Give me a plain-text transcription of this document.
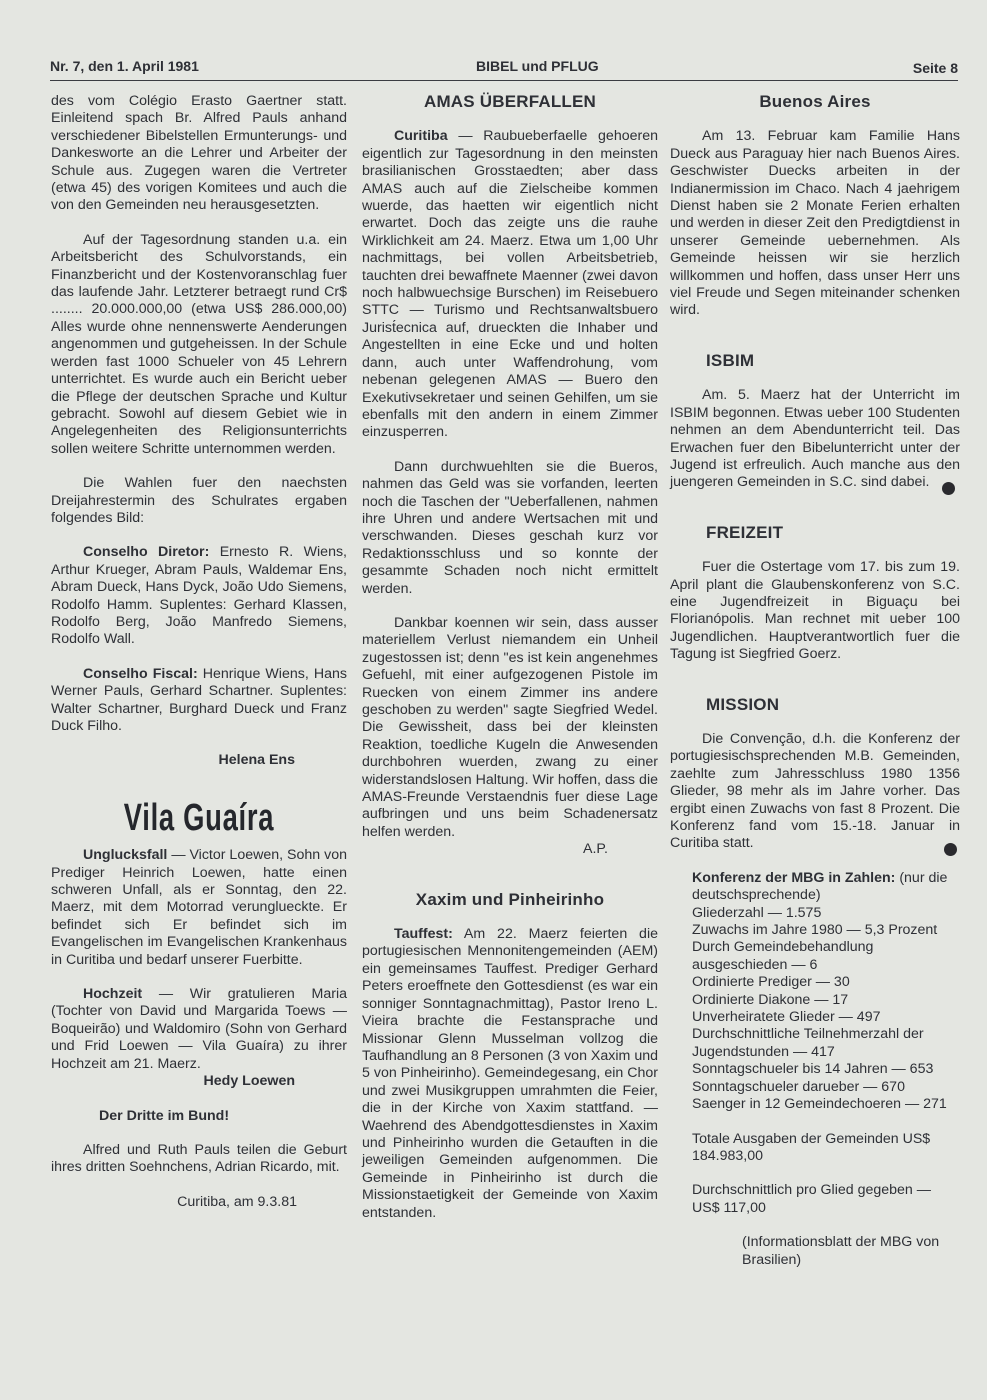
Nr. 7, den 1. April 1981	BIBEL und PFLUG	Seite 8

des vom Colégio Erasto Gaertner statt. Einleitend spach Br. Alfred Pauls anhand verschiedener Bibelstellen Ermunterungs- und Dankesworte an die Lehrer und Arbeiter der Schule aus. Zugegen waren die Vertreter (etwa 45) des vorigen Komitees und auch die von den Gemeinden neu herausgesetzten.

Auf der Tagesordnung standen u.a. ein Arbeitsbericht des Schulvorstands, ein Finanzbericht und der Kostenvoranschlag fuer das laufende Jahr. Letzterer betraegt rund Cr$ ........ 20.000.000,00 (etwa US$ 286.000,00) Alles wurde ohne nennenswerte Aenderungen angenommen und gutgeheissen. In der Schule werden fast 1000 Schueler von 45 Lehrern unterrichtet. Es wurde auch ein Bericht ueber die Pflege der deutschen Sprache und Kultur gebracht. Sowohl auf diesem Gebiet wie in Angelegenheiten des Religionsunterrichts sollen weitere Schritte unternommen werden.

Die Wahlen fuer den naechsten Dreijahrestermin des Schulrates ergaben folgendes Bild:

Conselho Diretor: Ernesto R. Wiens, Arthur Krueger, Abram Pauls, Waldemar Ens, Abram Dueck, Hans Dyck, João Udo Siemens, Rodolfo Hamm. Suplentes: Gerhard Klassen, Rodolfo Berg, João Manfredo Siemens, Rodolfo Wall.

Conselho Fiscal: Henrique Wiens, Hans Werner Pauls, Gerhard Schartner. Suplentes: Walter Schartner, Burghard Dueck und Franz Duck Filho.

Helena Ens

Vila Guaíra

Unglucksfall — Victor Loewen, Sohn von Prediger Heinrich Loewen, hatte einen schweren Unfall, als er Sonntag, den 22. Maerz, mit dem Motorrad verunglueckte. Er befindet sich Er befindet sich im Evangelischen im Evangelischen Krankenhaus in Curitiba und bedarf unserer Fuerbitte.

Hochzeit — Wir gratulieren Maria (Tochter von David und Margarida Toews — Boqueirão) und Waldomiro (Sohn von Gerhard und Frid Loewen — Vila Guaíra) zu ihrer Hochzeit am 21. Maerz.

Hedy Loewen

Der Dritte im Bund!

Alfred und Ruth Pauls teilen die Geburt ihres dritten Soehnchens, Adrian Ricardo, mit.

Curitiba, am 9.3.81

AMAS ÜBERFALLEN

Curitiba — Raubueberfaelle gehoeren eigentlich zur Tagesordnung in den meinsten brasilianischen Grosstaedten; aber dass AMAS auch auf die Zielscheibe kommen wuerde, das haetten wir eigentlich nicht erwartet. Doch das zeigte uns die rauhe Wirklichkeit am 24. Maerz. Etwa um 1,00 Uhr nachmittags, bei vollen Arbeitsbetrieb, tauchten drei bewaffnete Maenner (zwei davon noch halbwuechsige Burschen) im Reisebuero STTC — Turismo und Rechtsanwaltsbuero Jurist́ecnica auf, drueckten die Inhaber und Angestellten in eine Ecke und und holten dann, auch unter Waffendrohung, vom nebenan gelegenen AMAS — Buero den Exekutivsekretaer und seinen Gehilfen, um sie ebenfalls mit den andern in einem Zimmer einzusperren.

Dann durchwuehlten sie die Bueros, nahmen das Geld was sie vorfanden, leerten noch die Taschen der "Ueberfallenen, nahmen ihre Uhren und andere Wertsachen mit und verschwanden. Dieses geschah kurz vor Redaktionsschluss und so konnte der gesammte Schaden noch nicht ermittelt werden.

Dankbar koennen wir sein, dass ausser materiellem Verlust niemandem ein Unheil zugestossen ist; denn "es ist kein angenehmes Gefuehl, mit einer aufgezogenen Pistole im Ruecken von einem Zimmer ins andere geschoben zu werden" sagte Siegfried Wedel. Die Gewissheit, dass bei der kleinsten Reaktion, toedliche Kugeln die Anwesenden durchbohren wuerden, zwang zu einer widerstandslosen Haltung. Wir hoffen, dass die AMAS-Freunde Verstaendnis fuer diese Lage aufbringen und uns beim Schadenersatz helfen werden.

A.P.

Xaxim und Pinheirinho

Tauffest: Am 22. Maerz feierten die portugiesischen Mennonitengemeinden (AEM) ein gemeinsames Tauffest. Prediger Gerhard Peters eroeffnete den Gottesdienst (es war ein sonniger Sonntagnachmittag), Pastor Ireno L. Vieira brachte die Festansprache und Missionar Glenn Musselman vollzog die Taufhandlung an 8 Personen (3 von Xaxim und 5 von Pinheirinho). Gemeindegesang, ein Chor und zwei Musikgruppen umrahmten die Feier, die in der Kirche von Xaxim stattfand. — Waehrend des Abendgottesdienstes in Xaxim und Pinheirinho wurden die Getauften in die jeweiligen Gemeinden aufgenommen. Die Gemeinde in Pinheirinho ist durch die Missionstaetigkeit der Gemeinde von Xaxim entstanden.

Buenos Aires

Am 13. Februar kam Familie Hans Dueck aus Paraguay hier nach Buenos Aires. Geschwister Duecks arbeiten in der Indianermission im Chaco. Nach 4 jaehrigem Dienst haben sie 2 Monate Ferien erhalten und werden in dieser Zeit den Predigtdienst in unserer Gemeinde uebernehmen. Als Gemeinde heissen wir sie herzlich willkommen und hoffen, dass unser Herr uns viel Freude und Segen miteinander schenken wird.

ISBIM

Am. 5. Maerz hat der Unterricht im ISBIM begonnen. Etwas ueber 100 Studenten nehmen an dem Abendunterricht teil. Das Erwachen fuer den Bibelunterricht unter der Jugend ist erfreulich. Auch manche aus den juengeren Gemeinden in S.C. sind dabei.

FREIZEIT

Fuer die Ostertage vom 17. bis zum 19. April plant die Glaubenskonferenz von S.C. eine Jugendfreizeit in Biguaçu bei Florianópolis. Man rechnet mit ueber 100 Jugendlichen. Hauptverantwortlich fuer die Tagung ist Siegfried Goerz.

MISSION

Die Convenção, d.h. die Konferenz der portugiesischsprechenden M.B. Gemeinden, zaehlte zum Jahresschluss 1980 1356 Glieder, 98 mehr als im Jahre vorher. Das ergibt einen Zuwachs von fast 8 Prozent. Die Konferenz fand vom 15.-18. Januar in Curitiba statt.

Konferenz der MBG in Zahlen: (nur die deutschsprechende)

Gliederzahl — 1.575

Zuwachs im Jahre 1980 — 5,3 Prozent

Durch Gemeindebehandlung ausgeschieden — 6

Ordinierte Prediger — 30

Ordinierte Diakone — 17

Unverheiratete Glieder — 497

Durchschnittliche Teilnehmerzahl der Jugendstunden — 417

Sonntagschueler bis 14 Jahren — 653

Sonntagschueler darueber — 670

Saenger in 12 Gemeindechoeren — 271

Totale Ausgaben der Gemeinden US$ 184.983,00

Durchschnittlich pro Glied gegeben — US$ 117,00

(Informationsblatt der MBG von Brasilien)
